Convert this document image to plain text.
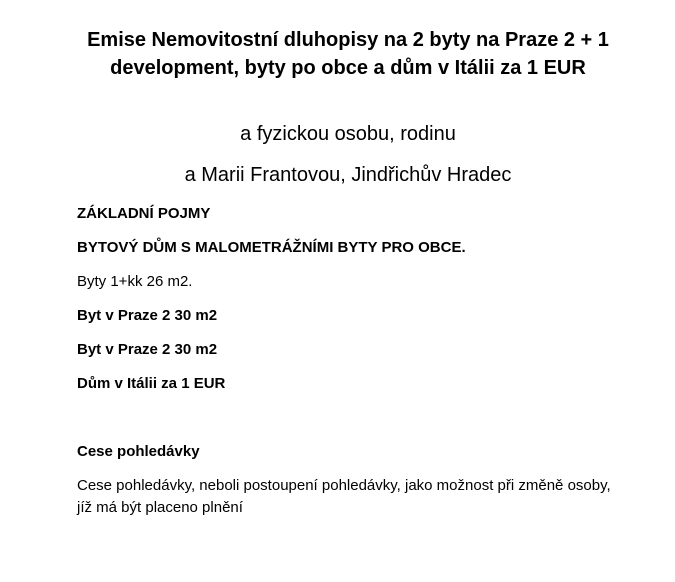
Emise Nemovitostní dluhopisy na 2 byty na Praze 2 + 1 development, byty po obce a dům v Itálii za 1 EUR

a fyzickou osobu, rodinu

a Marii Frantovou, Jindřichův Hradec

ZÁKLADNÍ POJMY

BYTOVÝ DŮM S MALOMETRÁŽNÍMI BYTY PRO OBCE.

Byty 1+kk 26 m2.

Byt v Praze 2 30 m2

Byt v Praze 2 30 m2

Dům v Itálii za 1 EUR

Cese pohledávky

Cese pohledávky, neboli postoupení pohledávky, jako možnost při změně osoby, jíž má být placeno plnění
